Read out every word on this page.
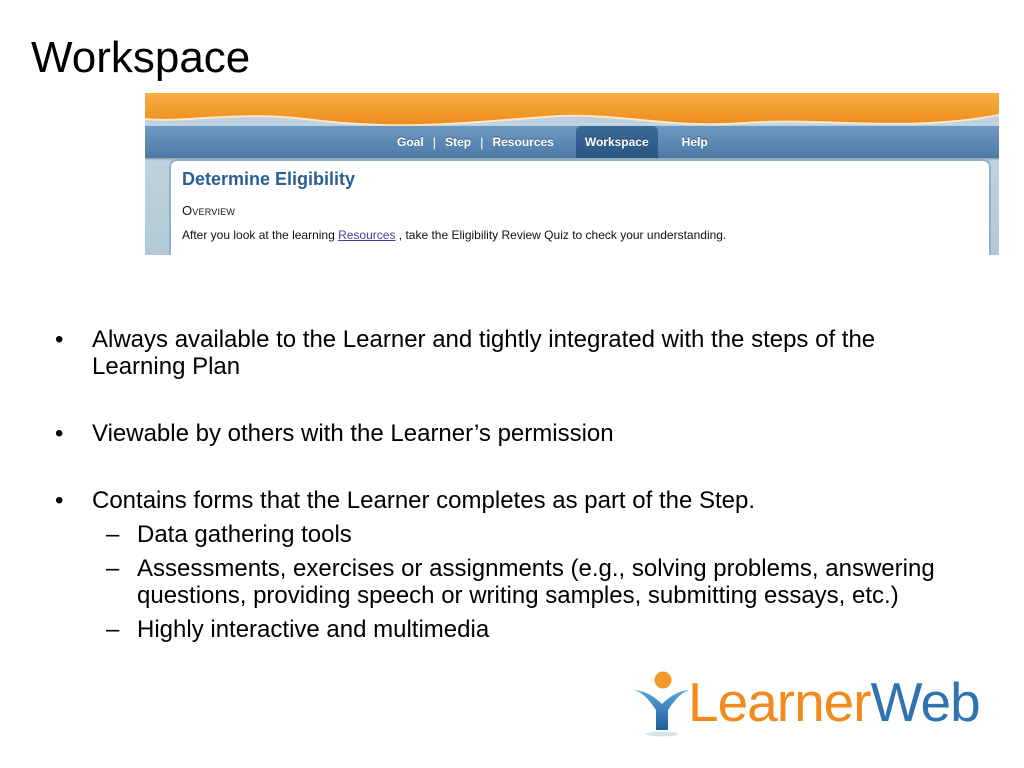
Workspace
Goal | Step | Resources	Workspace	Help
Determine Eligibility

Overview

After you look at the learning Resources , take the Eligibility Review Quiz to check your understanding.

• Always available to the Learner and tightly integrated with the steps of the Learning Plan
• Viewable by others with the Learner’s permission
• Contains forms that the Learner completes as part of the Step.
– Data gathering tools
– Assessments, exercises or assignments (e.g., solving problems, answering questions, providing speech or writing samples, submitting essays, etc.)
– Highly interactive and multimedia
LearnerWeb
